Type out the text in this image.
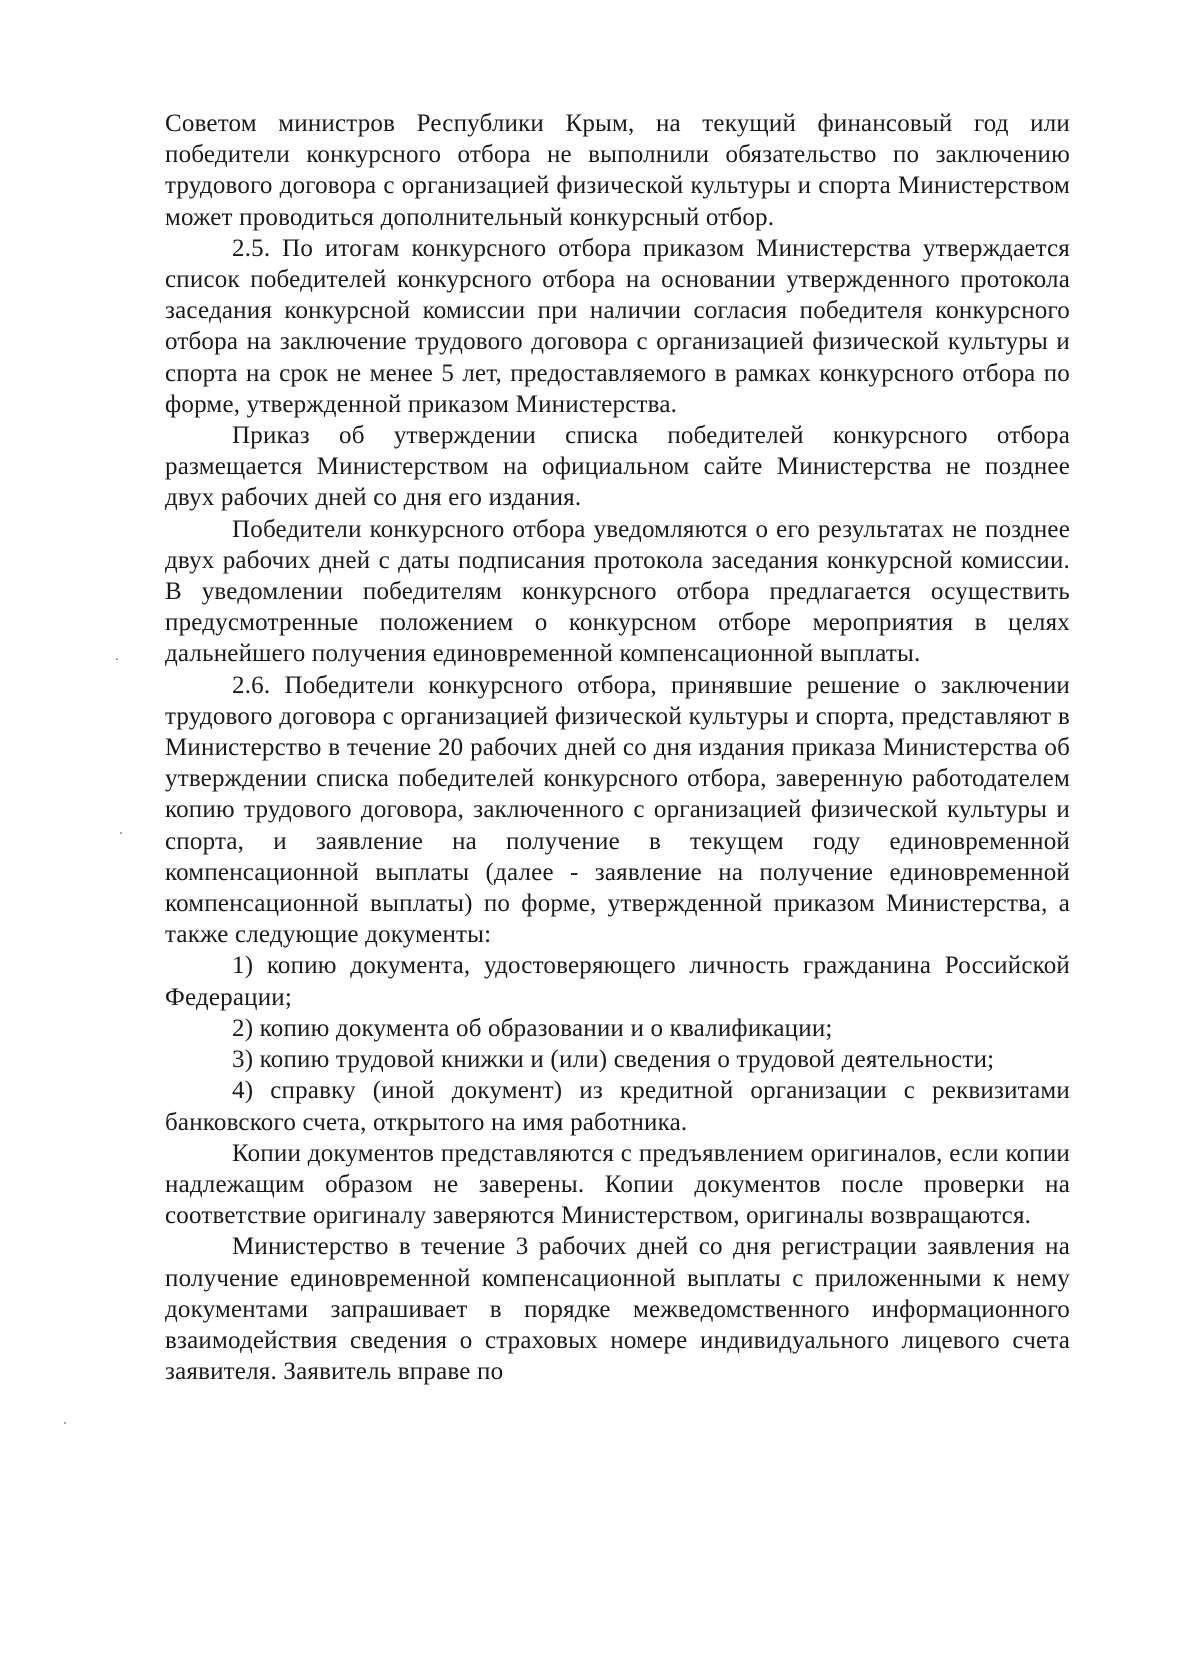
Советом министров Республики Крым, на текущий финансовый год или победители конкурсного отбора не выполнили обязательство по заключению трудового договора с организацией физической культуры и спорта Министерством может проводиться дополнительный конкурсный отбор.

2.5. По итогам конкурсного отбора приказом Министерства утверждается список победителей конкурсного отбора на основании утвержденного протокола заседания конкурсной комиссии при наличии согласия победителя конкурсного отбора на заключение трудового договора с организацией физической культуры и спорта на срок не менее 5 лет, предоставляемого в рамках конкурсного отбора по форме, утвержденной приказом Министерства.

Приказ об утверждении списка победителей конкурсного отбора размещается Министерством на официальном сайте Министерства не позднее двух рабочих дней со дня его издания.

Победители конкурсного отбора уведомляются о его результатах не позднее двух рабочих дней с даты подписания протокола заседания конкурсной комиссии. В уведомлении победителям конкурсного отбора предлагается осуществить предусмотренные положением о конкурсном отборе мероприятия в целях дальнейшего получения единовременной компенсационной выплаты.

2.6. Победители конкурсного отбора, принявшие решение о заключении трудового договора с организацией физической культуры и спорта, представляют в Министерство в течение 20 рабочих дней со дня издания приказа Министерства об утверждении списка победителей конкурсного отбора, заверенную работодателем копию трудового договора, заключенного с организацией физической культуры и спорта, и заявление на получение в текущем году единовременной компенсационной выплаты (далее - заявление на получение единовременной компенсационной выплаты) по форме, утвержденной приказом Министерства, а также следующие документы:

1) копию документа, удостоверяющего личность гражданина Российской Федерации;

2) копию документа об образовании и о квалификации;

3) копию трудовой книжки и (или) сведения о трудовой деятельности;

4) справку (иной документ) из кредитной организации с реквизитами банковского счета, открытого на имя работника.

Копии документов представляются с предъявлением оригиналов, если копии надлежащим образом не заверены. Копии документов после проверки на соответствие оригиналу заверяются Министерством, оригиналы возвращаются.

Министерство в течение 3 рабочих дней со дня регистрации заявления на получение единовременной компенсационной выплаты с приложенными к нему документами запрашивает в порядке межведомственного информационного взаимодействия сведения о страховых номере индивидуального лицевого счета заявителя. Заявитель вправе по
